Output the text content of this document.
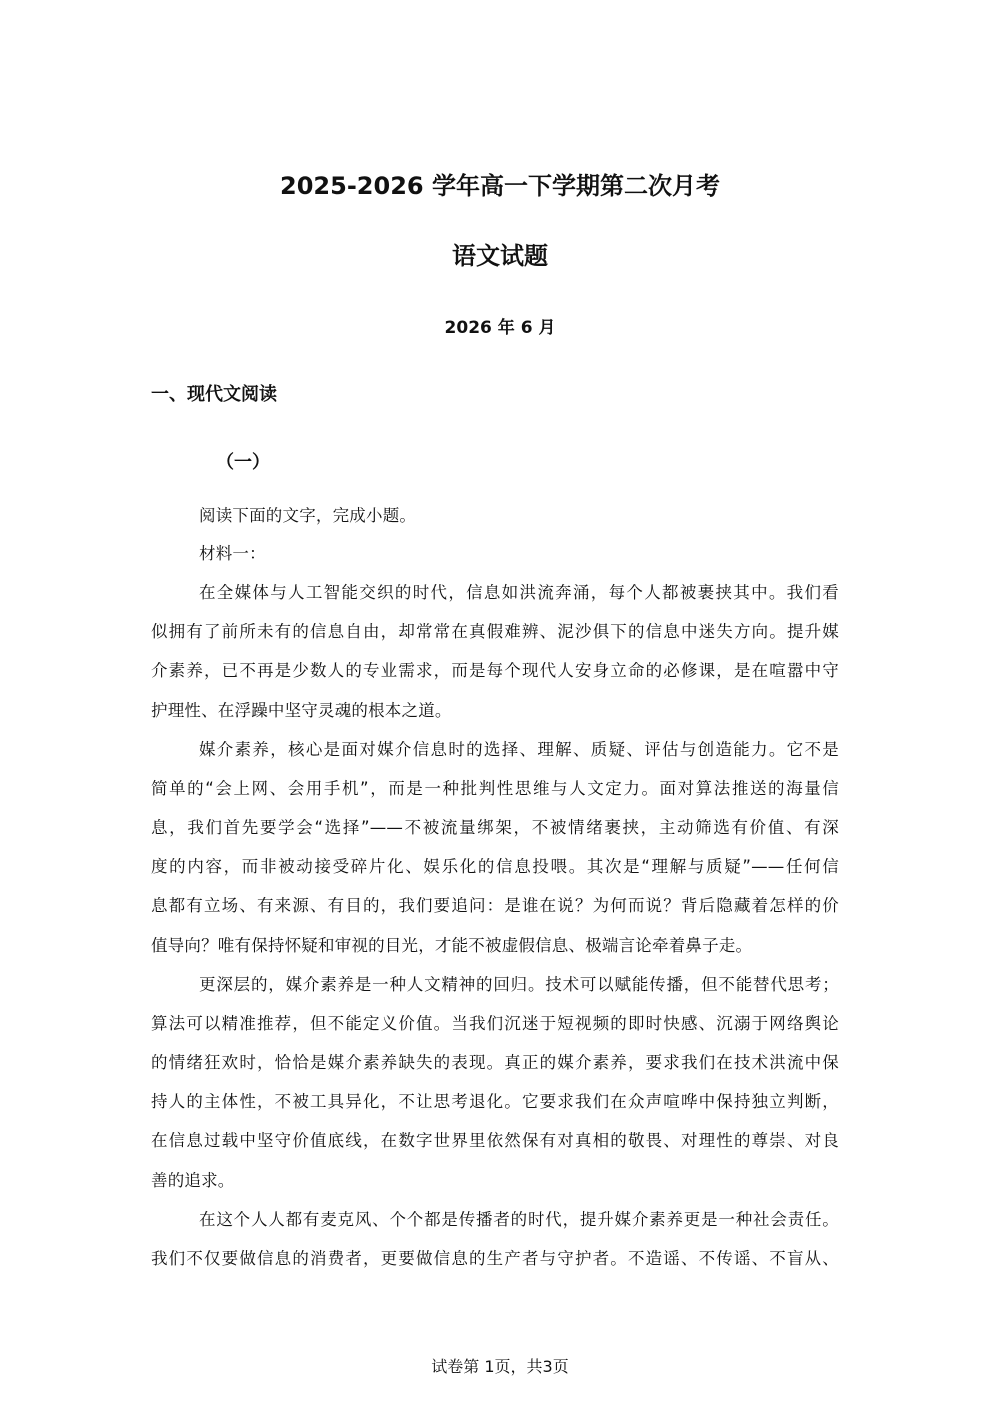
2025-2026 学年高一下学期第二次月考
语文试题
2026 年 6 月
一、现代文阅读
（一）
阅读下面的文字，完成小题。
材料一：
在全媒体与人工智能交织的时代，信息如洪流奔涌，每个人都被裹挟其中。我们看
似拥有了前所未有的信息自由，却常常在真假难辨、泥沙俱下的信息中迷失方向。提升媒
介素养，已不再是少数人的专业需求，而是每个现代人安身立命的必修课，是在喧嚣中守
护理性、在浮躁中坚守灵魂的根本之道。
媒介素养，核心是面对媒介信息时的选择、理解、质疑、评估与创造能力。它不是
简单的“会上网、会用手机”，而是一种批判性思维与人文定力。面对算法推送的海量信
息，我们首先要学会“选择”——不被流量绑架，不被情绪裹挟，主动筛选有价值、有深
度的内容，而非被动接受碎片化、娱乐化的信息投喂。其次是“理解与质疑”——任何信
息都有立场、有来源、有目的，我们要追问：是谁在说？为何而说？背后隐藏着怎样的价
值导向？唯有保持怀疑和审视的目光，才能不被虚假信息、极端言论牵着鼻子走。
更深层的，媒介素养是一种人文精神的回归。技术可以赋能传播，但不能替代思考；
算法可以精准推荐，但不能定义价值。当我们沉迷于短视频的即时快感、沉溺于网络舆论
的情绪狂欢时，恰恰是媒介素养缺失的表现。真正的媒介素养，要求我们在技术洪流中保
持人的主体性，不被工具异化，不让思考退化。它要求我们在众声喧哗中保持独立判断，
在信息过载中坚守价值底线，在数字世界里依然保有对真相的敬畏、对理性的尊崇、对良
善的追求。
在这个人人都有麦克风、个个都是传播者的时代，提升媒介素养更是一种社会责任。
我们不仅要做信息的消费者，更要做信息的生产者与守护者。不造谣、不传谣、不盲从、
试卷第 1页，共3页
